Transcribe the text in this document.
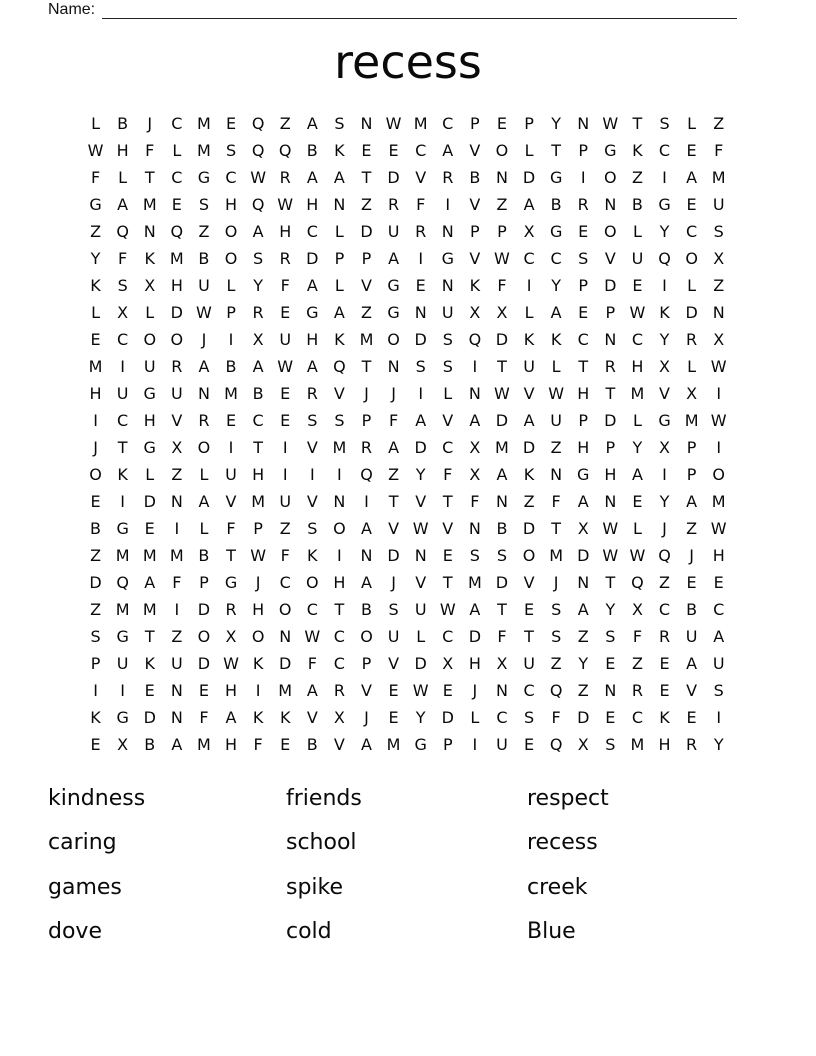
Name:
recess
L	B	J	C M E Q Z	A	S	N W M C	P	E	P	Y	N W T	S	L	Z
W H	F	L M S Q Q B	K	E	E	C	A	V O	L	T	P	G K	C	E	F
F	L	T	C G C W R	A	A	T	D V	R	B N D G	I	O Z	I	A M
G A M E	S	H Q W H N Z	R	F	I	V	Z	A	B	R N B G E	U
Z Q N Q Z O A H C	L	D U R N	P	P	X G E O	L	Y	C	S
Y	F	K M B O S	R D	P	P	A	I	G V W C C	S	V U Q O X
K	S	X H U	L	Y	F	A	L	V G E	N K	F	I	Y	P	D E	I	L	Z
L	X	L	D W P	R	E G A	Z G N U X	X	L	A	E	P W K D N
E	C O O	J	I	X U H K M O D S Q D K	K	C N C	Y	R	X
M	I	U R	A	B	A W A Q T	N	S	S	I	T	U	L	T	R H X	L W
H U G U N M B	E	R	V	J	J	I	L	N W V W H	T M V	X	I
I	C H V	R	E	C	E	S	S	P	F	A	V	A D A U	P	D	L	G M W
J	T	G X O	I	T	I	V M R	A D C	X M D Z H	P	Y	X	P	I
O K	L	Z	L	U H	I	I	I	Q Z	Y	F	X	A	K N G H A	I	P O
E	I	D N A	V M U V N	I	T	V	T	F	N Z	F	A N	E	Y	A M
B G E	I	L	F	P	Z	S O A	V W V N B D	T	X W L	J	Z W
Z M M M B	T W F	K	I	N D N	E	S	S O M D W W Q	J	H
D Q A	F	P	G	J	C O H A	J	V	T M D V	J	N	T Q Z	E	E
Z M M	I	D R H O C	T	B	S	U W A	T	E	S	A	Y	X	C	B	C
S G	T	Z O X O N W C O U	L	C D	F	T	S	Z	S	F	R U A
P	U K U D W K D	F	C	P	V D X H X U Z	Y	E	Z	E	A U
I	I	E	N	E	H	I	M A	R	V	E W E	J	N C Q Z N R	E	V	S
K G D N	F	A	K	K	V	X	J	E	Y	D	L	C	S	F	D E	C	K	E	I
E	X	B	A M H	F	E	B	V	A M G	P	I	U	E Q X	S M H R	Y
kindness
caring
games
dove
friends
school
spike
cold
respect
recess
creek
Blue
